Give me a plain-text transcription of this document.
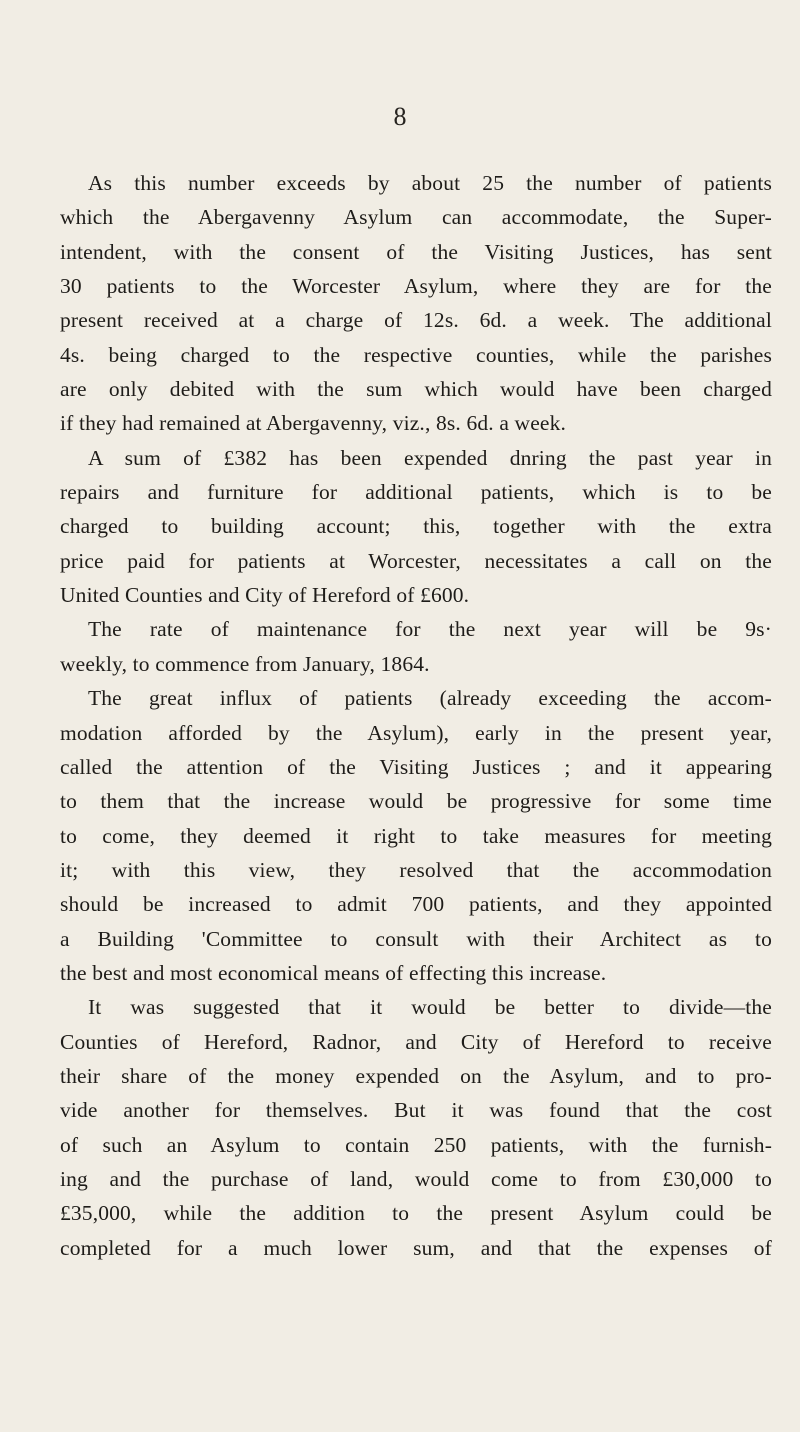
8
As this number exceeds by about 25 the number of patients
which the Abergavenny Asylum can accommodate, the Super-
intendent, with the consent of the Visiting Justices, has sent
30 patients to the Worcester Asylum, where they are for the
present received at a charge of 12s. 6d. a week. The additional
4s. being charged to the respective counties, while the parishes
are only debited with the sum which would have been charged
if they had remained at Abergavenny, viz., 8s. 6d. a week.
A sum of £382 has been expended dnring the past year in
repairs and furniture for additional patients, which is to be
charged to building account; this, together with the extra
price paid for patients at Worcester, necessitates a call on the
United Counties and City of Hereford of £600.
The rate of maintenance for the next year will be 9s·
weekly, to commence from January, 1864.
The great influx of patients (already exceeding the accom-
modation afforded by the Asylum), early in the present year,
called the attention of the Visiting Justices ; and it appearing
to them that the increase would be progressive for some time
to come, they deemed it right to take measures for meeting
it; with this view, they resolved that the accommodation
should be increased to admit 700 patients, and they appointed
a Building 'Committee to consult with their Architect as to
the best and most economical means of effecting this increase.
It was suggested that it would be better to divide—the
Counties of Hereford, Radnor, and City of Hereford to receive
their share of the money expended on the Asylum, and to pro-
vide another for themselves. But it was found that the cost
of such an Asylum to contain 250 patients, with the furnish-
ing and the purchase of land, would come to from £30,000 to
£35,000, while the addition to the present Asylum could be
completed for a much lower sum, and that the expenses of
